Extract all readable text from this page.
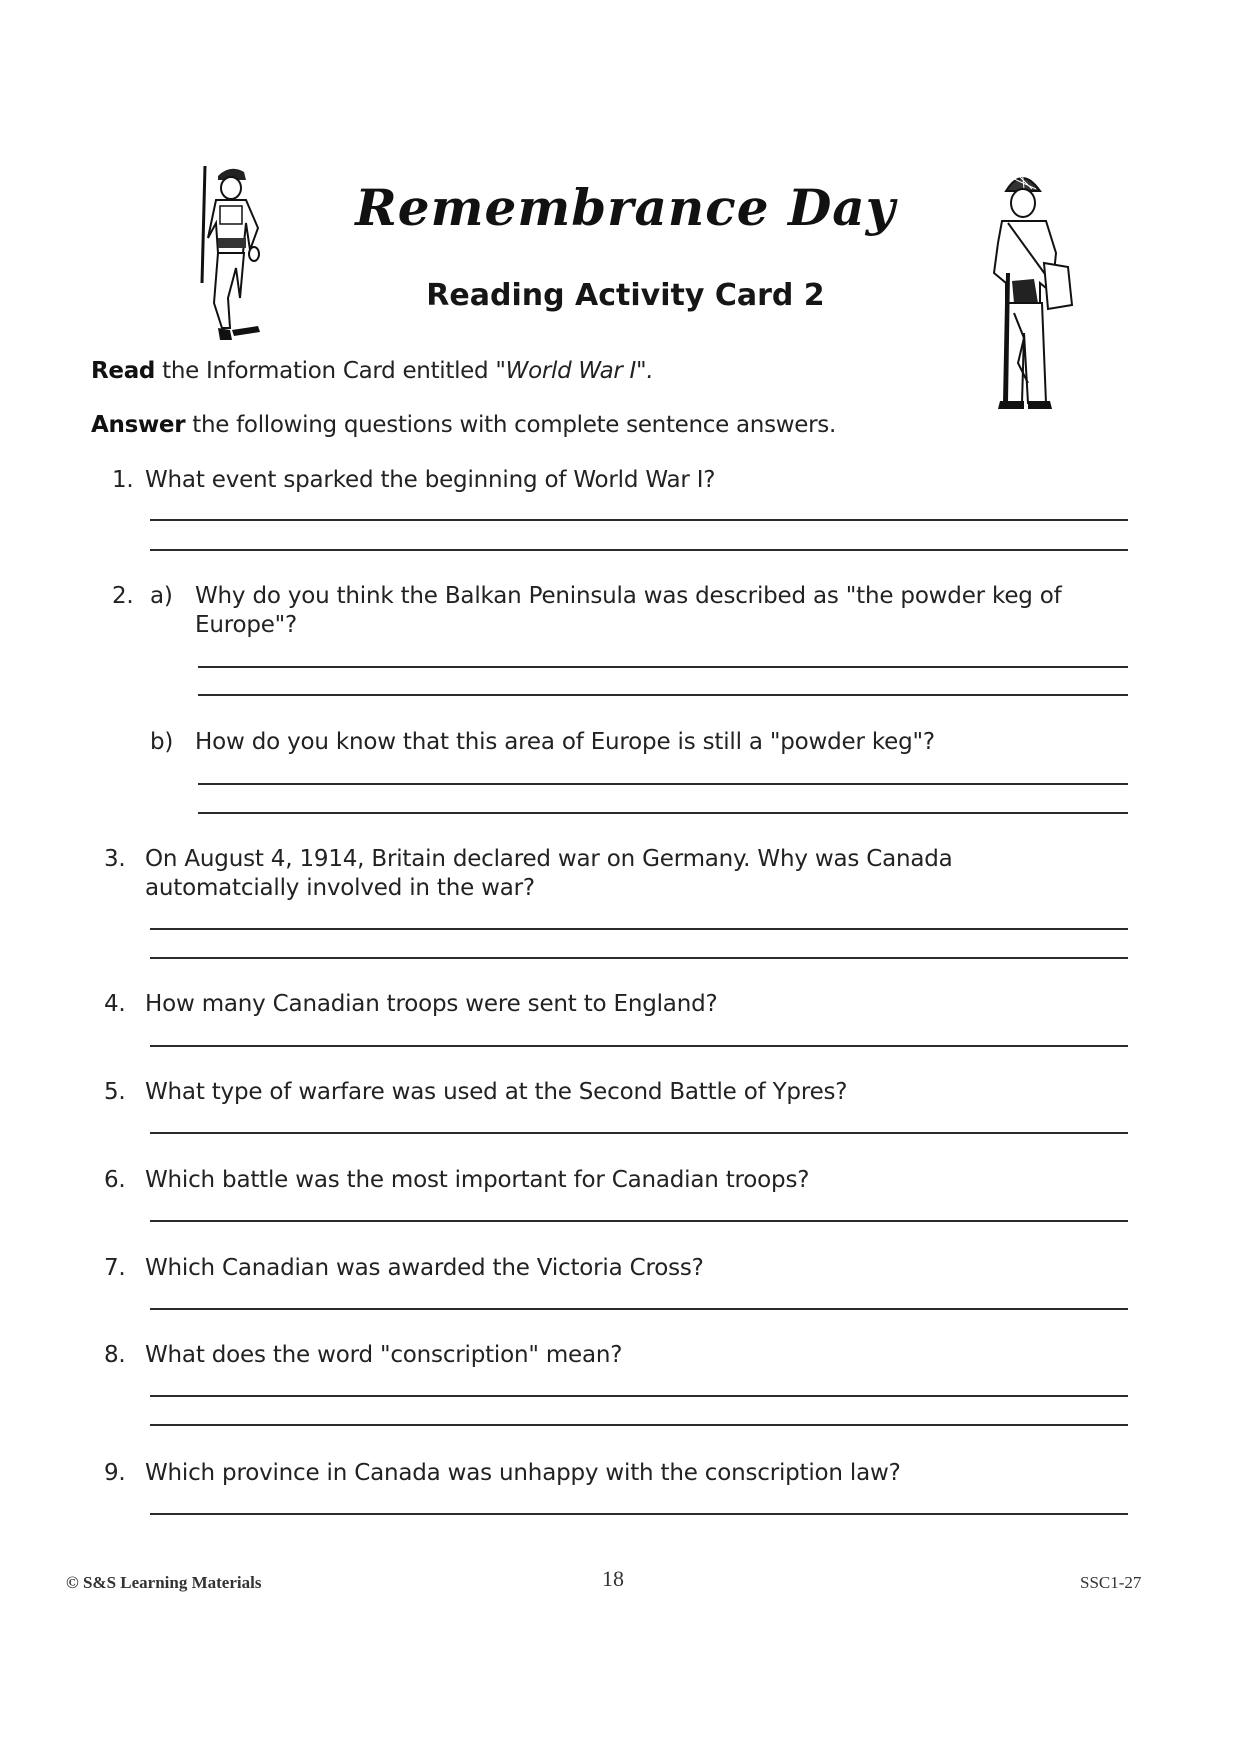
Remembrance Day
Reading Activity Card 2
Read the Information Card entitled "World War I".
Answer the following questions with complete sentence answers.
1. What event sparked the beginning of World War I?
2. a) Why do you think the Balkan Peninsula was described as "the powder keg of
Europe"?
b) How do you know that this area of Europe is still a "powder keg"?
3. On August 4, 1914, Britain declared war on Germany. Why was Canada
automatcially involved in the war?
4. How many Canadian troops were sent to England?
5. What type of warfare was used at the Second Battle of Ypres?
6. Which battle was the most important for Canadian troops?
7. Which Canadian was awarded the Victoria Cross?
8. What does the word "conscription" mean?
9. Which province in Canada was unhappy with the conscription law?
© S&S Learning Materials	18	SSC1-27
